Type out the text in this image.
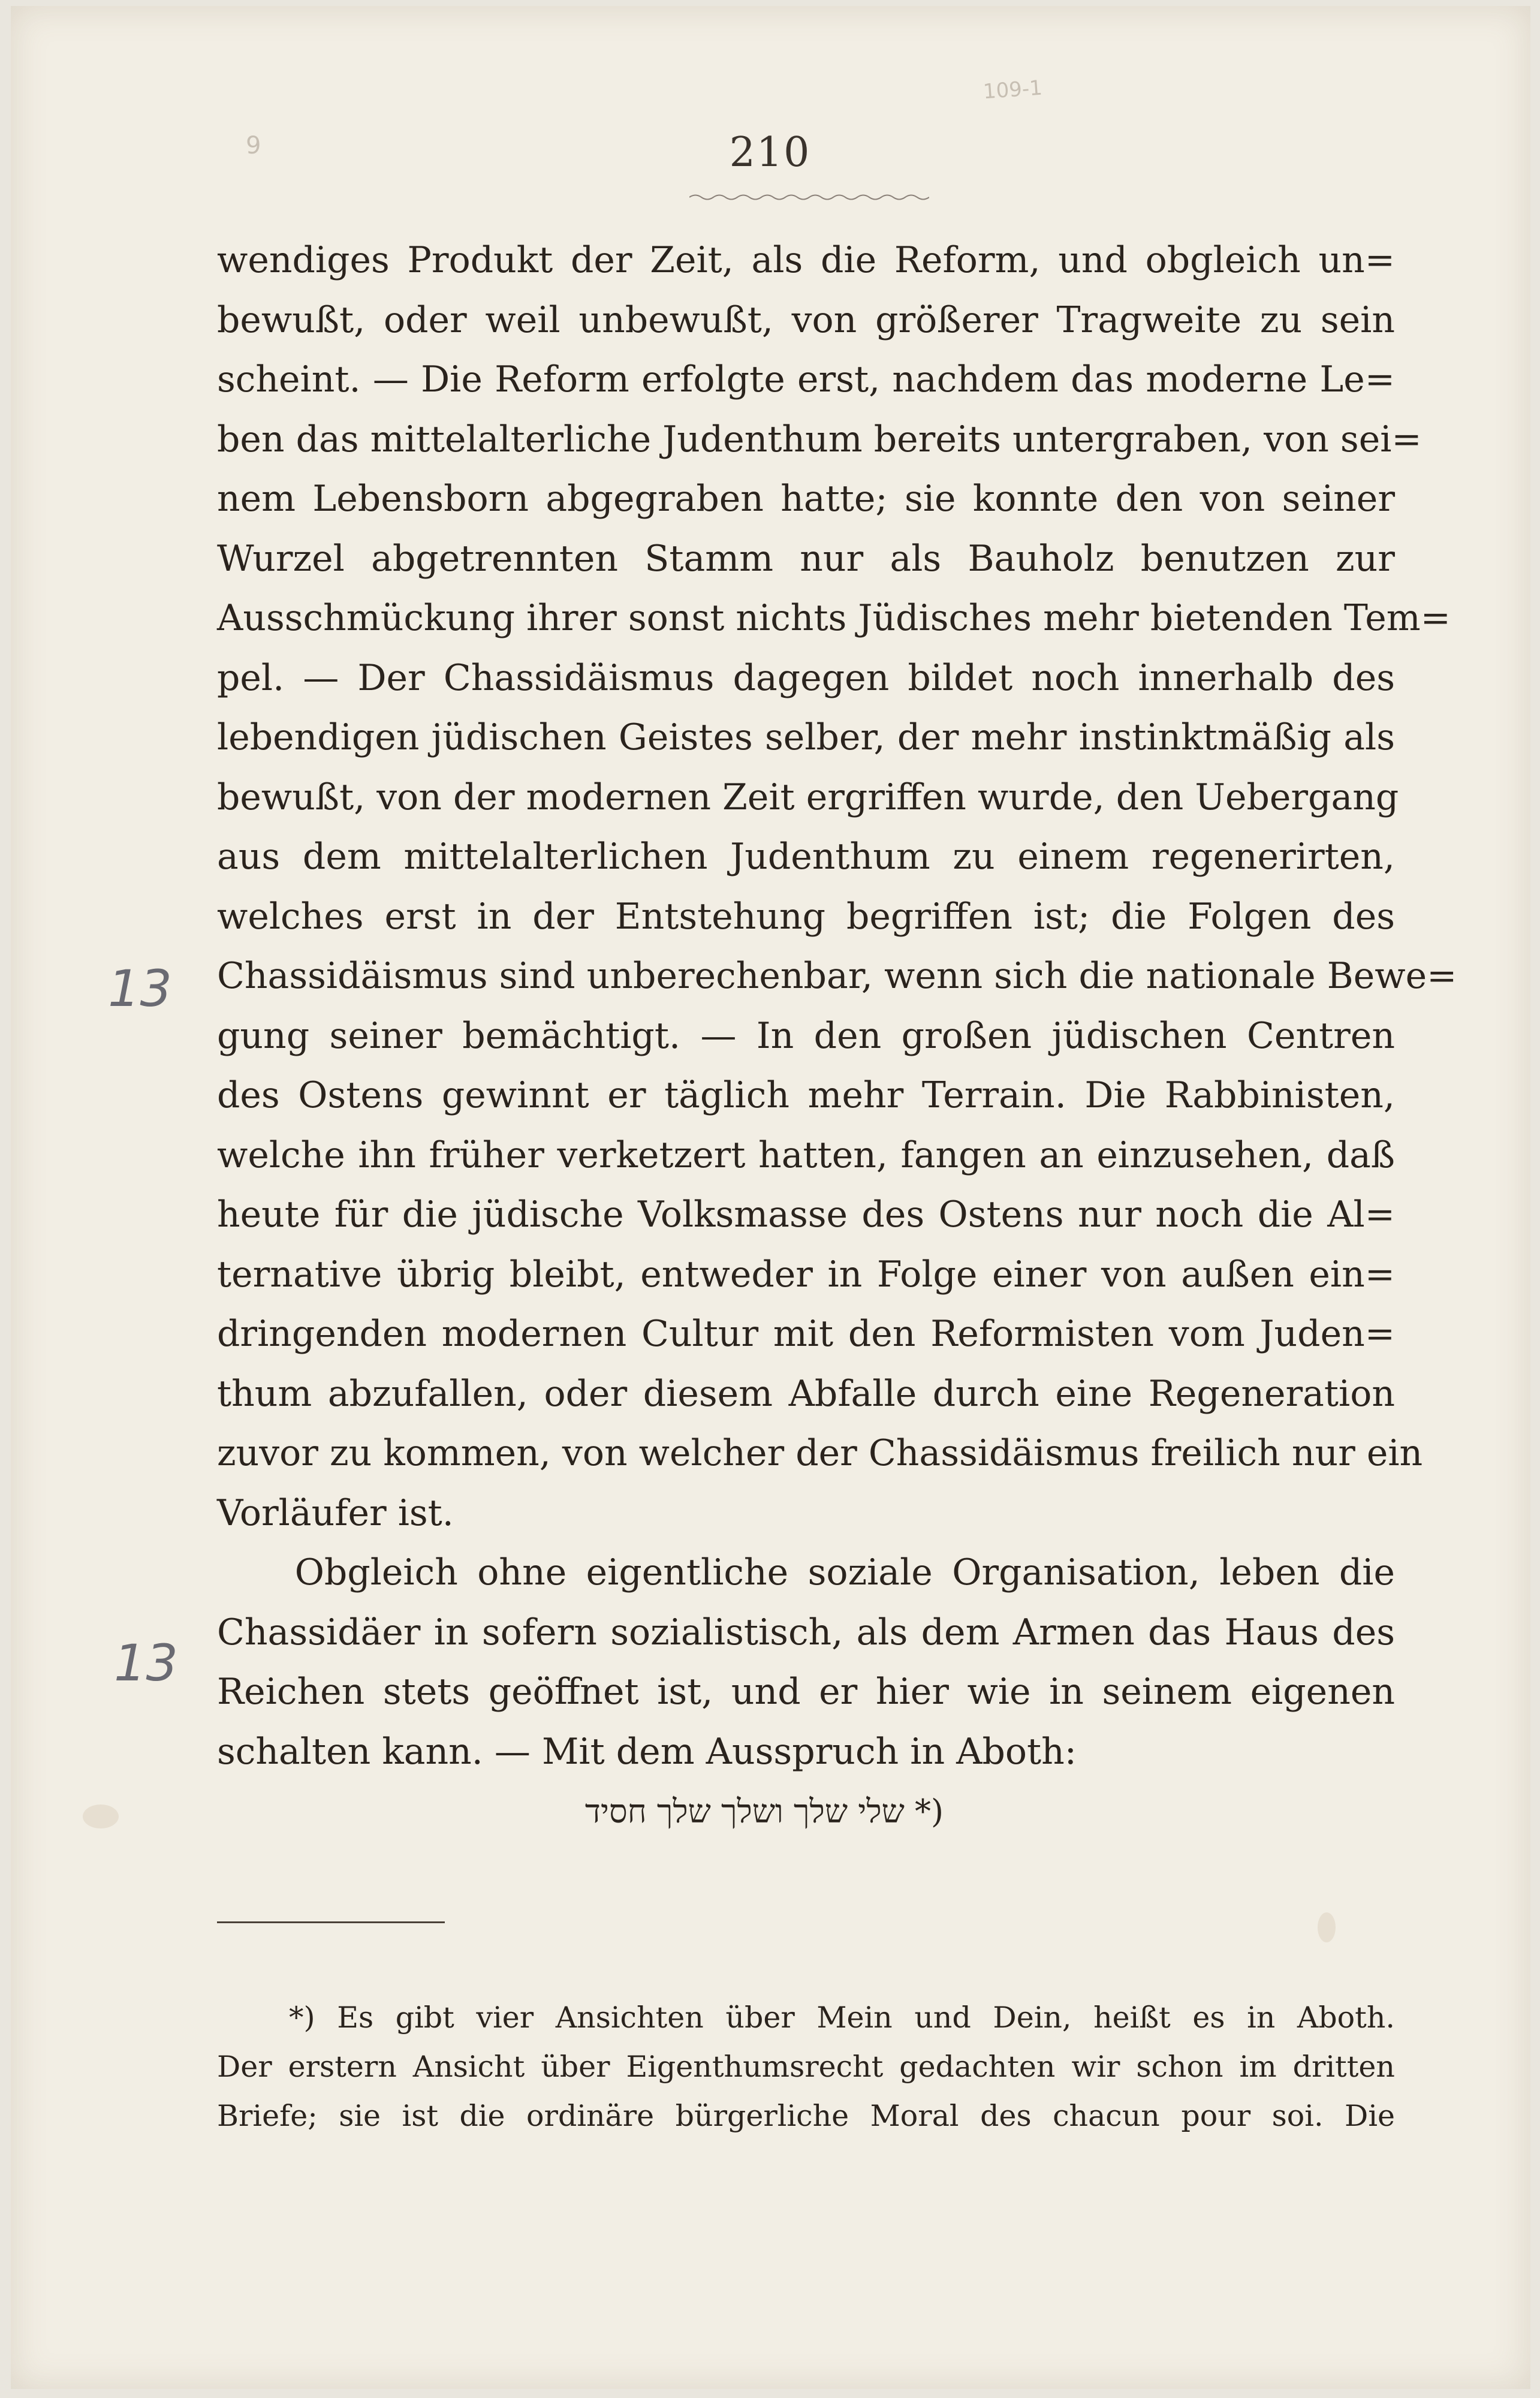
9
109-1
210
wendiges Produkt der Zeit, als die Reform, und obgleich un=
bewußt, oder weil unbewußt, von größerer Tragweite zu sein
scheint. — Die Reform erfolgte erst, nachdem das moderne Le=
ben das mittelalterliche Judenthum bereits untergraben, von sei=
nem Lebensborn abgegraben hatte; sie konnte den von seiner
Wurzel abgetrennten Stamm nur als Bauholz benutzen zur
Ausschmückung ihrer sonst nichts Jüdisches mehr bietenden Tem=
pel. — Der Chassidäismus dagegen bildet noch innerhalb des
lebendigen jüdischen Geistes selber, der mehr instinktmäßig als
bewußt, von der modernen Zeit ergriffen wurde, den Uebergang
aus dem mittelalterlichen Judenthum zu einem regenerirten,
welches erst in der Entstehung begriffen ist; die Folgen des
Chassidäismus sind unberechenbar, wenn sich die nationale Bewe=
gung seiner bemächtigt. — In den großen jüdischen Centren
des Ostens gewinnt er täglich mehr Terrain. Die Rabbinisten,
welche ihn früher verketzert hatten, fangen an einzusehen, daß
heute für die jüdische Volksmasse des Ostens nur noch die Al=
ternative übrig bleibt, entweder in Folge einer von außen ein=
dringenden modernen Cultur mit den Reformisten vom Juden=
thum abzufallen, oder diesem Abfalle durch eine Regeneration
zuvor zu kommen, von welcher der Chassidäismus freilich nur ein
Vorläufer ist.
Obgleich ohne eigentliche soziale Organisation, leben die
Chassidäer in sofern sozialistisch, als dem Armen das Haus des
Reichen stets geöffnet ist, und er hier wie in seinem eigenen
schalten kann. — Mit dem Ausspruch in Aboth:
שלי שלך ושלך שלך חסיד *)
*) Es gibt vier Ansichten über Mein und Dein, heißt es in Aboth.
Der erstern Ansicht über Eigenthumsrecht gedachten wir schon im dritten
Briefe; sie ist die ordinäre bürgerliche Moral des chacun pour soi. Die
13
13
